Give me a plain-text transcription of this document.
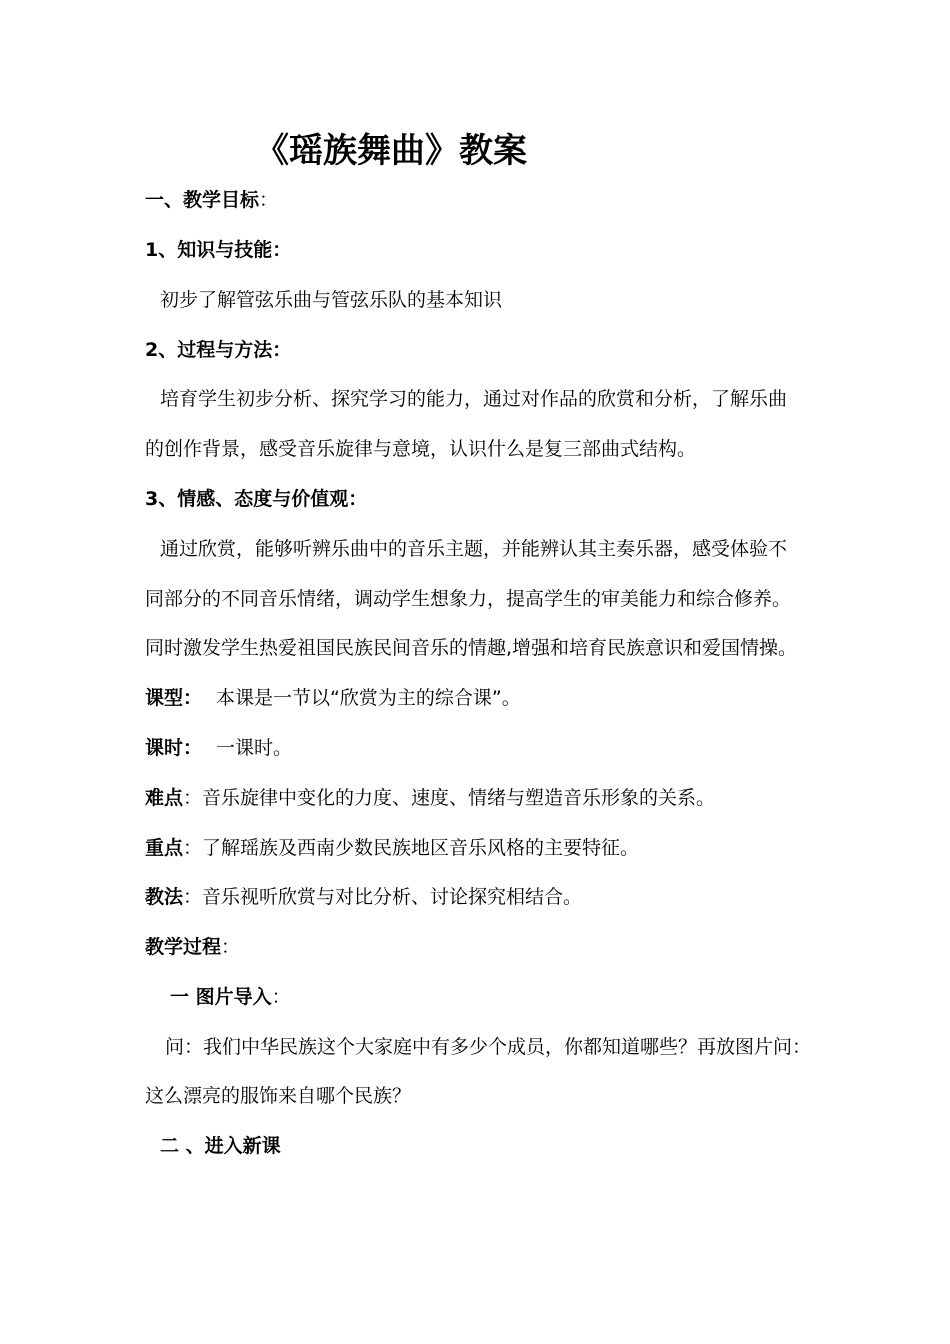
《瑶族舞曲》教案
一、教学目标：
1、知识与技能：
初步了解管弦乐曲与管弦乐队的基本知识
2、过程与方法：
培育学生初步分析、探究学习的能力，通过对作品的欣赏和分析，了解乐曲
的创作背景，感受音乐旋律与意境，认识什么是复三部曲式结构。
3、情感、态度与价值观：
通过欣赏，能够听辨乐曲中的音乐主题，并能辨认其主奏乐器，感受体验不
同部分的不同音乐情绪，调动学生想象力，提高学生的审美能力和综合修养。
同时激发学生热爱祖国民族民间音乐的情趣,增强和培育民族意识和爱国情操。
课型： 本课是一节以“欣赏为主的综合课”。
课时： 一课时。
难点：音乐旋律中变化的力度、速度、情绪与塑造音乐形象的关系。
重点：了解瑶族及西南少数民族地区音乐风格的主要特征。
教法：音乐视听欣赏与对比分析、讨论探究相结合。
教学过程：
一 图片导入：
问：我们中华民族这个大家庭中有多少个成员，你都知道哪些？再放图片问：
这么漂亮的服饰来自哪个民族？
二 、进入新课
